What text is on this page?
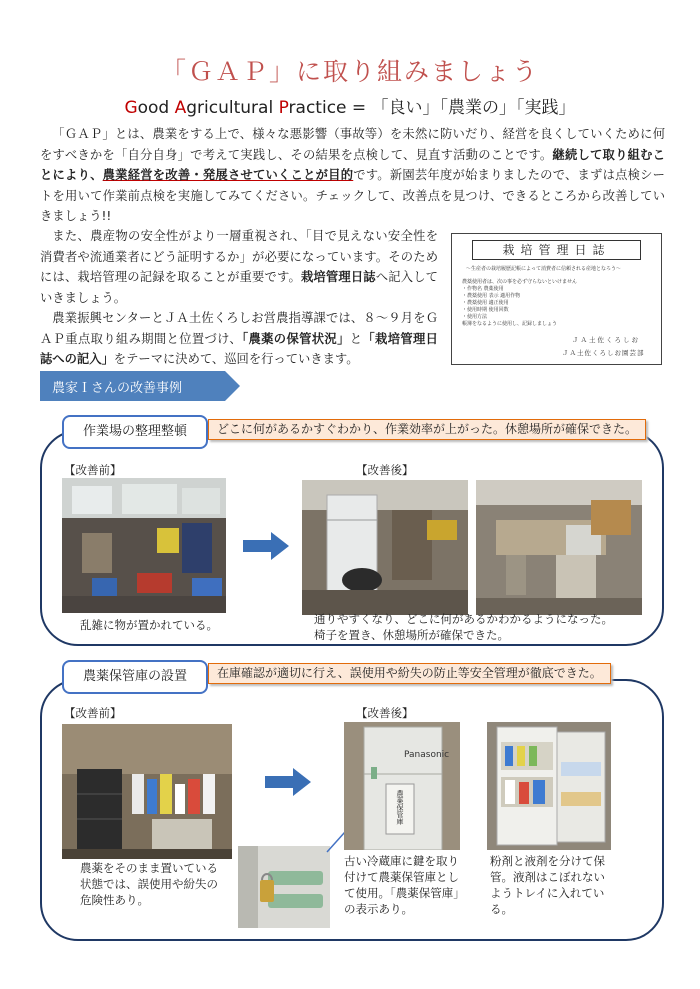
「ＧＡＰ」に取り組みましょう
Good Agricultural Practice = 「良い」「農業の」「実践」
「ＧＡＰ」とは、農業をする上で、様々な悪影響（事故等）を未然に防いだり、経営を良くしていくために何をすべきかを「自分自身」で考えて実践し、その結果を点検して、見直す活動のことです。継続して取り組むことにより、農業経営を改善・発展させていくことが目的です。新園芸年度が始まりましたので、まずは点検シートを用いて作業前点検を実施してみてください。チェックして、改善点を見つけ、できるところから改善していきましょう!!
また、農産物の安全性がより一層重視され、「目で見えない安全性を消費者や流通業者にどう証明するか」が必要になっています。そのためには、栽培管理の記録を取ることが重要です。栽培管理日誌へ記入していきましょう。
農業振興センターとＪＡ土佐くろしお営農指導課では、８～９月をＧＡＰ重点取り組み期間と位置づけ、「農薬の保管状況」と「栽培管理日誌への記入」をテーマに決めて、巡回を行っていきます。
栽培管理日誌
～生産者の栽培履歴記帳によって消費者に信頼される産地となろう～
農薬使用者は、次の事を必ず守らないといけません
・作物名 農薬使用
・農薬使用 表示 適用作物
・農薬使用 適正使用
・使用時期 使用回数
・使用方法
帳簿をなるように使用し、記録しましょう
ＪＡ土佐くろしお
ＪＡ土佐くろしお園芸部
農家Ｉさんの改善事例
作業場の整理整頓	どこに何があるかすぐわかり、作業効率が上がった。休憩場所が確保できた。
【改善前】	【改善後】
乱雑に物が置かれている。	通りやすくなり、どこに何があるかわかるようになった。
椅子を置き、休憩場所が確保できた。
農薬保管庫の設置	在庫確認が適切に行え、誤使用や紛失の防止等安全管理が徹底できた。
【改善前】	【改善後】
Panasonic
農薬保管庫
農薬をそのまま置いている状態では、誤使用や紛失の危険性あり。
古い冷蔵庫に鍵を取り付けて農薬保管庫として使用。「農薬保管庫」の表示あり。
粉剤と液剤を分けて保管。液剤はこぼれないようトレイに入れている。
